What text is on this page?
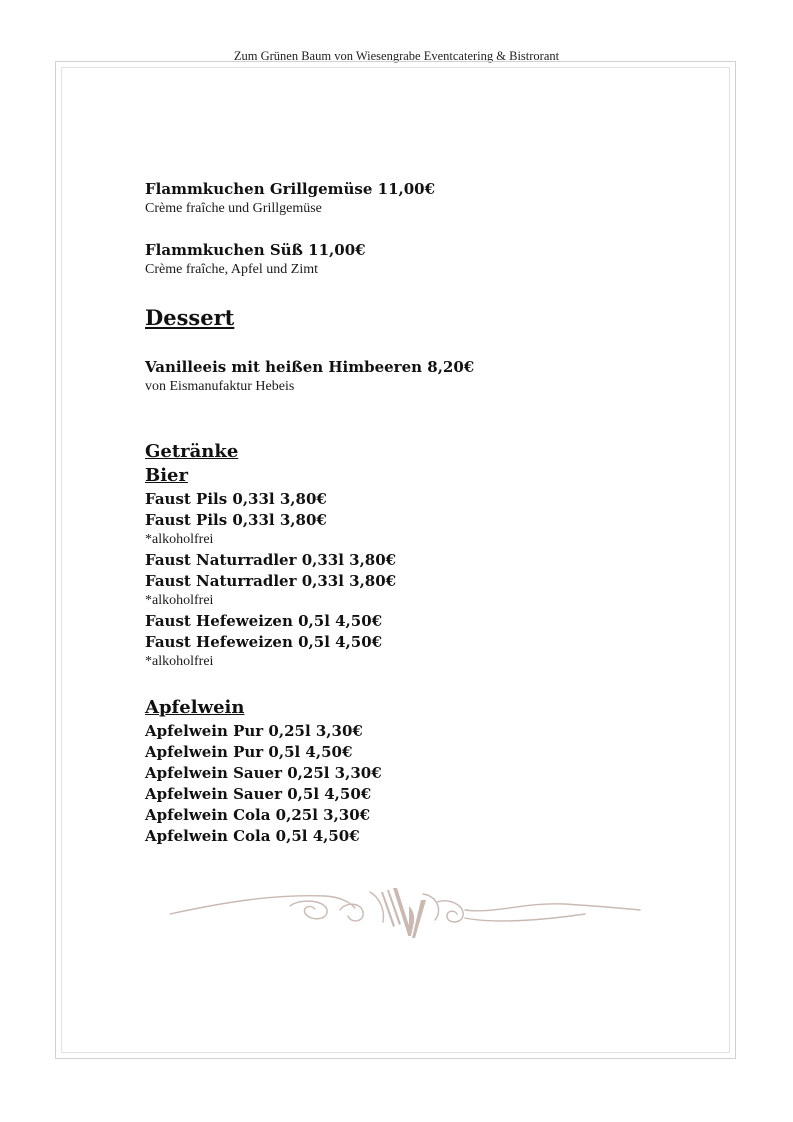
Zum Grünen Baum von Wiesengrabe Eventcatering & Bistrorant
Flammkuchen Grillgemüse 11,00€
Crème fraîche und Grillgemüse
Flammkuchen Süß 11,00€
Crème fraîche, Apfel und Zimt
Dessert
Vanilleeis mit heißen Himbeeren 8,20€
von Eismanufaktur Hebeis
Getränke
Bier
Faust Pils 0,33l 3,80€
Faust Pils 0,33l 3,80€
*alkoholfrei
Faust Naturradler 0,33l 3,80€
Faust Naturradler 0,33l 3,80€
*alkoholfrei
Faust Hefeweizen 0,5l 4,50€
Faust Hefeweizen 0,5l 4,50€
*alkoholfrei
Apfelwein
Apfelwein Pur 0,25l 3,30€
Apfelwein Pur 0,5l 4,50€
Apfelwein Sauer 0,25l 3,30€
Apfelwein Sauer 0,5l 4,50€
Apfelwein Cola 0,25l 3,30€
Apfelwein Cola 0,5l 4,50€
